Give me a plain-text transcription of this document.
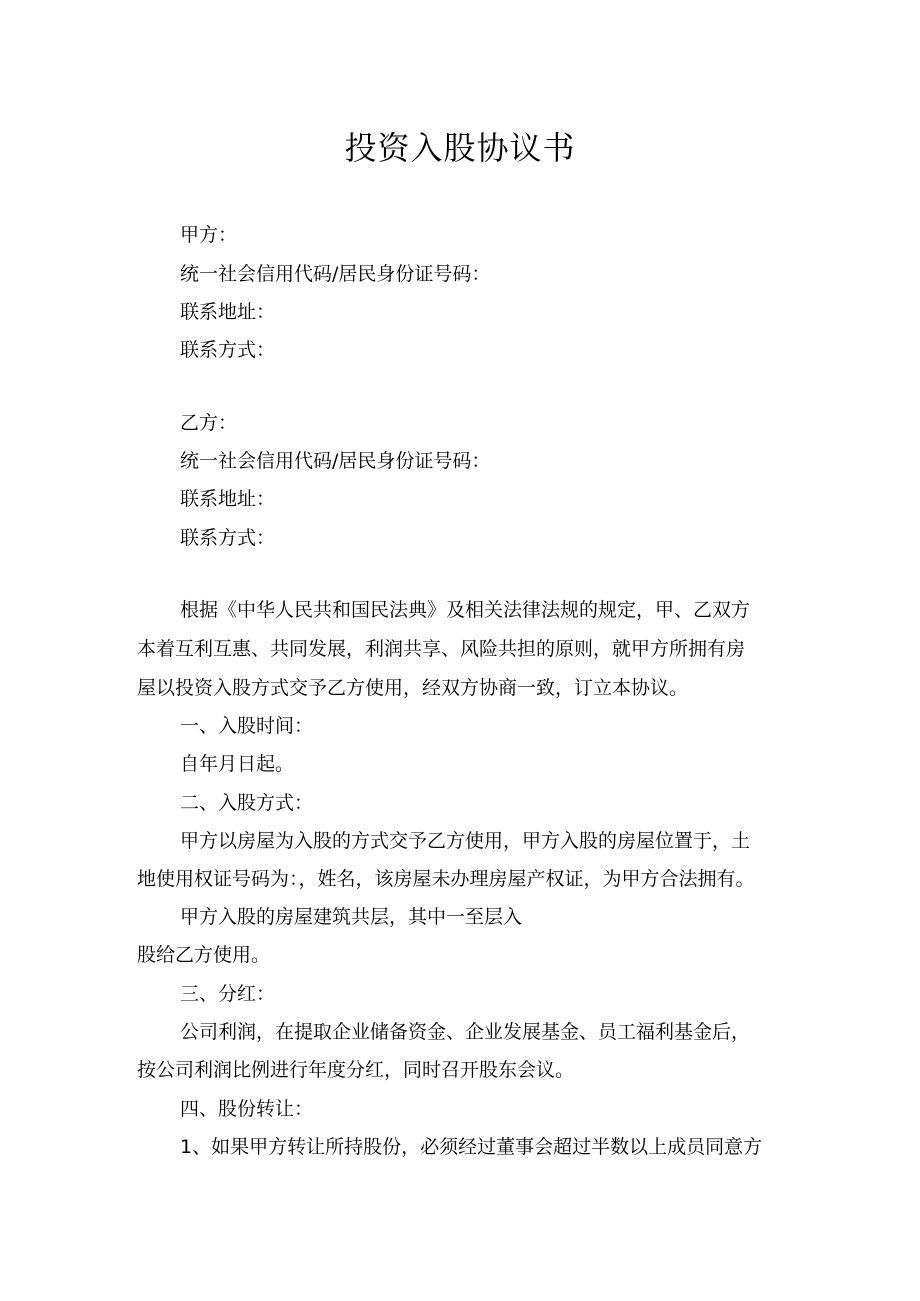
投资入股协议书
甲方：
统一社会信用代码/居民身份证号码：
联系地址：
联系方式：
乙方：
统一社会信用代码/居民身份证号码：
联系地址：
联系方式：
根据《中华人民共和国民法典》及相关法律法规的规定，甲、乙双方
本着互利互惠、共同发展，利润共享、风险共担的原则，就甲方所拥有房
屋以投资入股方式交予乙方使用，经双方协商一致，订立本协议。
一、入股时间：
自年月日起。
二、入股方式：
甲方以房屋为入股的方式交予乙方使用，甲方入股的房屋位置于，土
地使用权证号码为：，姓名，该房屋未办理房屋产权证，为甲方合法拥有。
甲方入股的房屋建筑共层，其中一至层入
股给乙方使用。
三、分红：
公司利润，在提取企业储备资金、企业发展基金、员工福利基金后，
按公司利润比例进行年度分红，同时召开股东会议。
四、股份转让：
1、如果甲方转让所持股份，必须经过董事会超过半数以上成员同意方
